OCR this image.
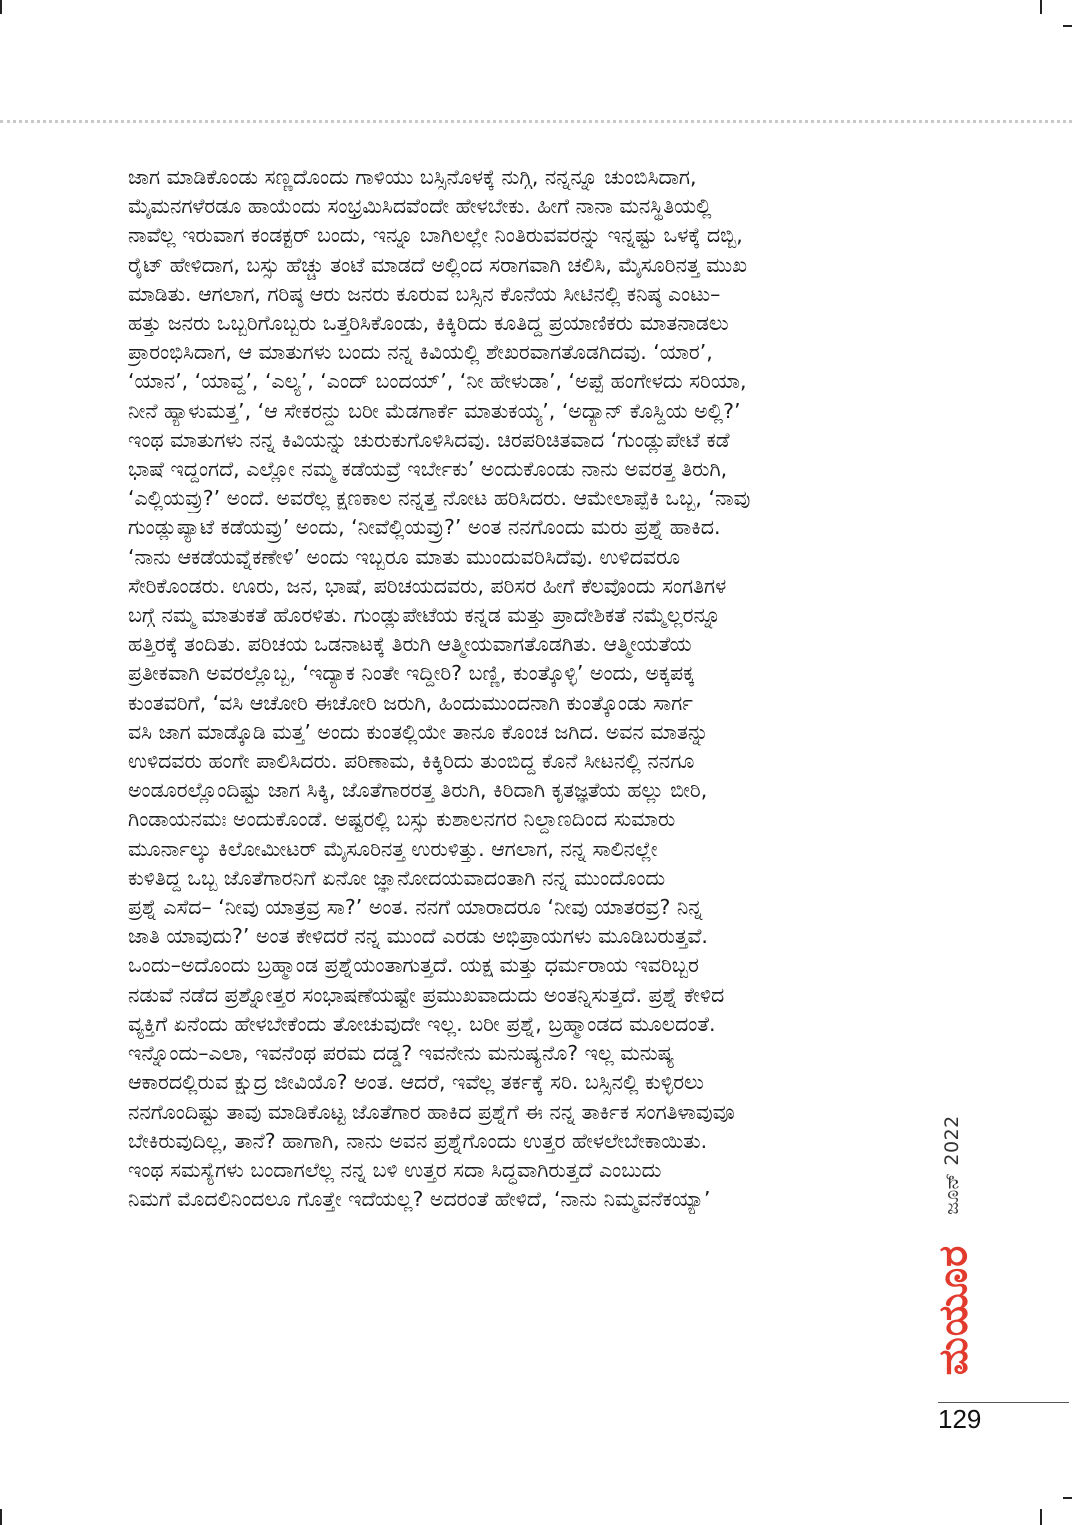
ಜಾಗ ಮಾಡಿಕೊಂಡು ಸಣ್ಣದೊಂದು ಗಾಳಿಯು ಬಸ್ಸಿನೊಳಕ್ಕೆ ನುಗ್ಗಿ, ನನ್ನನ್ನೂ ಚುಂಬಿಸಿದಾಗ,
ಮೈಮನಗಳೆರಡೂ ಹಾಯೆಂದು ಸಂಭ್ರಮಿಸಿದವೆಂದೇ ಹೇಳಬೇಕು. ಹೀಗೆ ನಾನಾ ಮನಸ್ಥಿತಿಯಲ್ಲಿ
ನಾವೆಲ್ಲ ಇರುವಾಗ ಕಂಡಕ್ಟರ್ ಬಂದು, ಇನ್ನೂ ಬಾಗಿಲಲ್ಲೇ ನಿಂತಿರುವವರನ್ನು ಇನ್ನಷ್ಟು ಒಳಕ್ಕೆ ದಬ್ಬಿ,
ರೈಟ್ ಹೇಳಿದಾಗ, ಬಸ್ಸು ಹೆಚ್ಚು ತಂಟೆ ಮಾಡದೆ ಅಲ್ಲಿಂದ ಸರಾಗವಾಗಿ ಚಲಿಸಿ, ಮೈಸೂರಿನತ್ತ ಮುಖ
ಮಾಡಿತು. ಆಗಲಾಗ, ಗರಿಷ್ಠ ಆರು ಜನರು ಕೂರುವ ಬಸ್ಸಿನ ಕೊನೆಯ ಸೀಟಿನಲ್ಲಿ ಕನಿಷ್ಠ ಎಂಟು–
ಹತ್ತು ಜನರು ಒಬ್ಬರಿಗೊಬ್ಬರು ಒತ್ತರಿಸಿಕೊಂಡು, ಕಿಕ್ಕಿರಿದು ಕೂತಿದ್ದ ಪ್ರಯಾಣಿಕರು ಮಾತನಾಡಲು
ಪ್ರಾರಂಭಿಸಿದಾಗ, ಆ ಮಾತುಗಳು ಬಂದು ನನ್ನ ಕಿವಿಯಲ್ಲಿ ಶೇಖರವಾಗತೊಡಗಿದವು. ‘ಯಾರ’,
‘ಯಾನ’, ‘ಯಾವ್ದ’, ‘ಎಲ್ಯ’, ‘ಎಂದ್ ಬಂದಯ್’, ‘ನೀ ಹೇಳುಡಾ’, ‘ಅಪ್ಪೆ ಹಂಗೇಳದು ಸರಿಯಾ,
ನೀನೆ ಹ್ಯಾಳುಮತ್ತ’, ‘ಆ ಸೇಕರನ್ದು ಬರೀ ಮೆಡಗಾರ್ಕೆ ಮಾತುಕಯ್ಯ’, ‘ಅದ್ಯಾನ್ ಕೊಸ್ದಿಯ ಅಲ್ಲಿ?’
ಇಂಥ ಮಾತುಗಳು ನನ್ನ ಕಿವಿಯನ್ನು ಚುರುಕುಗೊಳಿಸಿದವು. ಚಿರಪರಿಚಿತವಾದ ‘ಗುಂಡ್ಲುಪೇಟೆ ಕಡೆ
ಭಾಷೆ ಇದ್ದಂಗದೆ, ಎಲ್ಲೋ ನಮ್ಮ ಕಡೆಯವ್ರೆ ಇರ್ಬೇಕು’ ಅಂದುಕೊಂಡು ನಾನು ಅವರತ್ತ ತಿರುಗಿ,
‘ಎಲ್ಲಿಯವ್ರು?’ ಅಂದೆ. ಅವರೆಲ್ಲ ಕ್ಷಣಕಾಲ ನನ್ನತ್ತ ನೋಟ ಹರಿಸಿದರು. ಆಮೇಲಾಪ್ಪೆಕಿ ಒಬ್ಬ, ‘ನಾವು
ಗುಂಡ್ಲುಪ್ಯಾಟೆ ಕಡೆಯವ್ರು’ ಅಂದು, ‘ನೀವೆಲ್ಲಿಯವ್ರು?’ ಅಂತ ನನಗೊಂದು ಮರು ಪ್ರಶ್ನೆ ಹಾಕಿದ.
‘ನಾನು ಆಕಡೆಯವ್ನೆಕಣೇಳಿ’ ಅಂದು ಇಬ್ಬರೂ ಮಾತು ಮುಂದುವರಿಸಿದೆವು. ಉಳಿದವರೂ
ಸೇರಿಕೊಂಡರು. ಊರು, ಜನ, ಭಾಷೆ, ಪರಿಚಯದವರು, ಪರಿಸರ ಹೀಗೆ ಕೆಲವೊಂದು ಸಂಗತಿಗಳ
ಬಗ್ಗೆ ನಮ್ಮ ಮಾತುಕತೆ ಹೊರಳಿತು. ಗುಂಡ್ಲುಪೇಟೆಯ ಕನ್ನಡ ಮತ್ತು ಪ್ರಾದೇಶಿಕತೆ ನಮ್ಮೆಲ್ಲರನ್ನೂ
ಹತ್ತಿರಕ್ಕೆ ತಂದಿತು. ಪರಿಚಯ ಒಡನಾಟಕ್ಕೆ ತಿರುಗಿ ಆತ್ಮೀಯವಾಗತೊಡಗಿತು. ಆತ್ಮೀಯತೆಯ
ಪ್ರತೀಕವಾಗಿ ಅವರಲ್ಲೊಬ್ಬ, ‘ಇದ್ಯಾಕ ನಿಂತೇ ಇದ್ದೀರಿ? ಬಣ್ಣಿ, ಕುಂತ್ಕೊಳ್ಳಿ’ ಅಂದು, ಅಕ್ಕಪಕ್ಕ
ಕುಂತವರಿಗೆ, ‘ವಸಿ ಆಚೋರಿ ಈಚೋರಿ ಜರುಗಿ, ಹಿಂದುಮುಂದನಾಗಿ ಕುಂತ್ಕೊಂಡು ಸಾರ್ಗ
ವಸಿ ಜಾಗ ಮಾಡ್ಕೊಡಿ ಮತ್ತ’ ಅಂದು ಕುಂತಲ್ಲಿಯೇ ತಾನೂ ಕೊಂಚ ಜಗಿದ. ಅವನ ಮಾತನ್ನು
ಉಳಿದವರು ಹಂಗೇ ಪಾಲಿಸಿದರು. ಪರಿಣಾಮ, ಕಿಕ್ಕಿರಿದು ತುಂಬಿದ್ದ ಕೊನೆ ಸೀಟನಲ್ಲಿ ನನಗೂ
ಅಂಡೂರಲ್ಲೊಂದಿಷ್ಟು ಜಾಗ ಸಿಕ್ಕಿ, ಜೊತೆಗಾರರತ್ತ ತಿರುಗಿ, ಕಿರಿದಾಗಿ ಕೃತಜ್ಞತೆಯ ಹಲ್ಲು ಬೀರಿ,
ಗಿಂಡಾಯನಮಃ ಅಂದುಕೊಂಡೆ. ಅಷ್ಟರಲ್ಲಿ ಬಸ್ಸು ಕುಶಾಲನಗರ ನಿಲ್ದಾಣದಿಂದ ಸುಮಾರು
ಮೂರ್ನಾಲ್ಕು ಕಿಲೋಮೀಟರ್ ಮೈಸೂರಿನತ್ತ ಉರುಳಿತ್ತು. ಆಗಲಾಗ, ನನ್ನ ಸಾಲಿನಲ್ಲೇ
ಕುಳಿತಿದ್ದ ಒಬ್ಬ ಜೊತೆಗಾರನಿಗೆ ಏನೋ ಜ್ಞಾನೋದಯವಾದಂತಾಗಿ ನನ್ನ ಮುಂದೊಂದು
ಪ್ರಶ್ನೆ ಎಸೆದ– ‘ನೀವು ಯಾತ್ರವ್ರ ಸಾ?’ ಅಂತ. ನನಗೆ ಯಾರಾದರೂ ‘ನೀವು ಯಾತರವ್ರ? ನಿನ್ನ
ಜಾತಿ ಯಾವುದು?’ ಅಂತ ಕೇಳಿದರೆ ನನ್ನ ಮುಂದೆ ಎರಡು ಅಭಿಪ್ರಾಯಗಳು ಮೂಡಿಬರುತ್ತವೆ.
ಒಂದು–ಅದೊಂದು ಬ್ರಹ್ಮಾಂಡ ಪ್ರಶ್ನೆಯಂತಾಗುತ್ತದೆ. ಯಕ್ಷ ಮತ್ತು ಧರ್ಮರಾಯ ಇವರಿಬ್ಬರ
ನಡುವೆ ನಡೆದ ಪ್ರಶ್ನೋತ್ತರ ಸಂಭಾಷಣೆಯಷ್ಟೇ ಪ್ರಮುಖವಾದುದು ಅಂತನ್ನಿಸುತ್ತದೆ. ಪ್ರಶ್ನೆ ಕೇಳಿದ
ವ್ಯಕ್ತಿಗೆ ಏನೆಂದು ಹೇಳಬೇಕೆಂದು ತೋಚುವುದೇ ಇಲ್ಲ. ಬರೀ ಪ್ರಶ್ನೆ, ಬ್ರಹ್ಮಾಂಡದ ಮೂಲದಂತೆ.
ಇನ್ನೊಂದು–ಎಲಾ, ಇವನೆಂಥ ಪರಮ ದಡ್ಡ? ಇವನೇನು ಮನುಷ್ಯನೊ? ಇಲ್ಲ ಮನುಷ್ಯ
ಆಕಾರದಲ್ಲಿರುವ ಕ್ಷುದ್ರ ಜೀವಿಯೊ? ಅಂತ. ಆದರೆ, ಇವೆಲ್ಲ ತರ್ಕಕ್ಕೆ ಸರಿ. ಬಸ್ಸಿನಲ್ಲಿ ಕುಳ್ಳಿರಲು
ನನಗೊಂದಿಷ್ಟು ತಾವು ಮಾಡಿಕೊಟ್ಟ ಜೊತೆಗಾರ ಹಾಕಿದ ಪ್ರಶ್ನೆಗೆ ಈ ನನ್ನ ತಾರ್ಕಿಕ ಸಂಗತಿಳಾವುವೂ
ಬೇಕಿರುವುದಿಲ್ಲ, ತಾನೆ? ಹಾಗಾಗಿ, ನಾನು ಅವನ ಪ್ರಶ್ನೆಗೊಂದು ಉತ್ತರ ಹೇಳಲೇಬೇಕಾಯಿತು.
ಇಂಥ ಸಮಸ್ಯೆಗಳು ಬಂದಾಗಲೆಲ್ಲ ನನ್ನ ಬಳಿ ಉತ್ತರ ಸದಾ ಸಿದ್ಧವಾಗಿರುತ್ತದೆ ಎಂಬುದು
ನಿಮಗೆ ಮೊದಲಿನಿಂದಲೂ ಗೊತ್ತೇ ಇದೆಯಲ್ಲ? ಅದರಂತೆ ಹೇಳಿದೆ, ‘ನಾನು ನಿಮ್ಮವನೆಕಯ್ಯಾ’	ಜೂನ್ 2022
ಮಯೂರ
129
